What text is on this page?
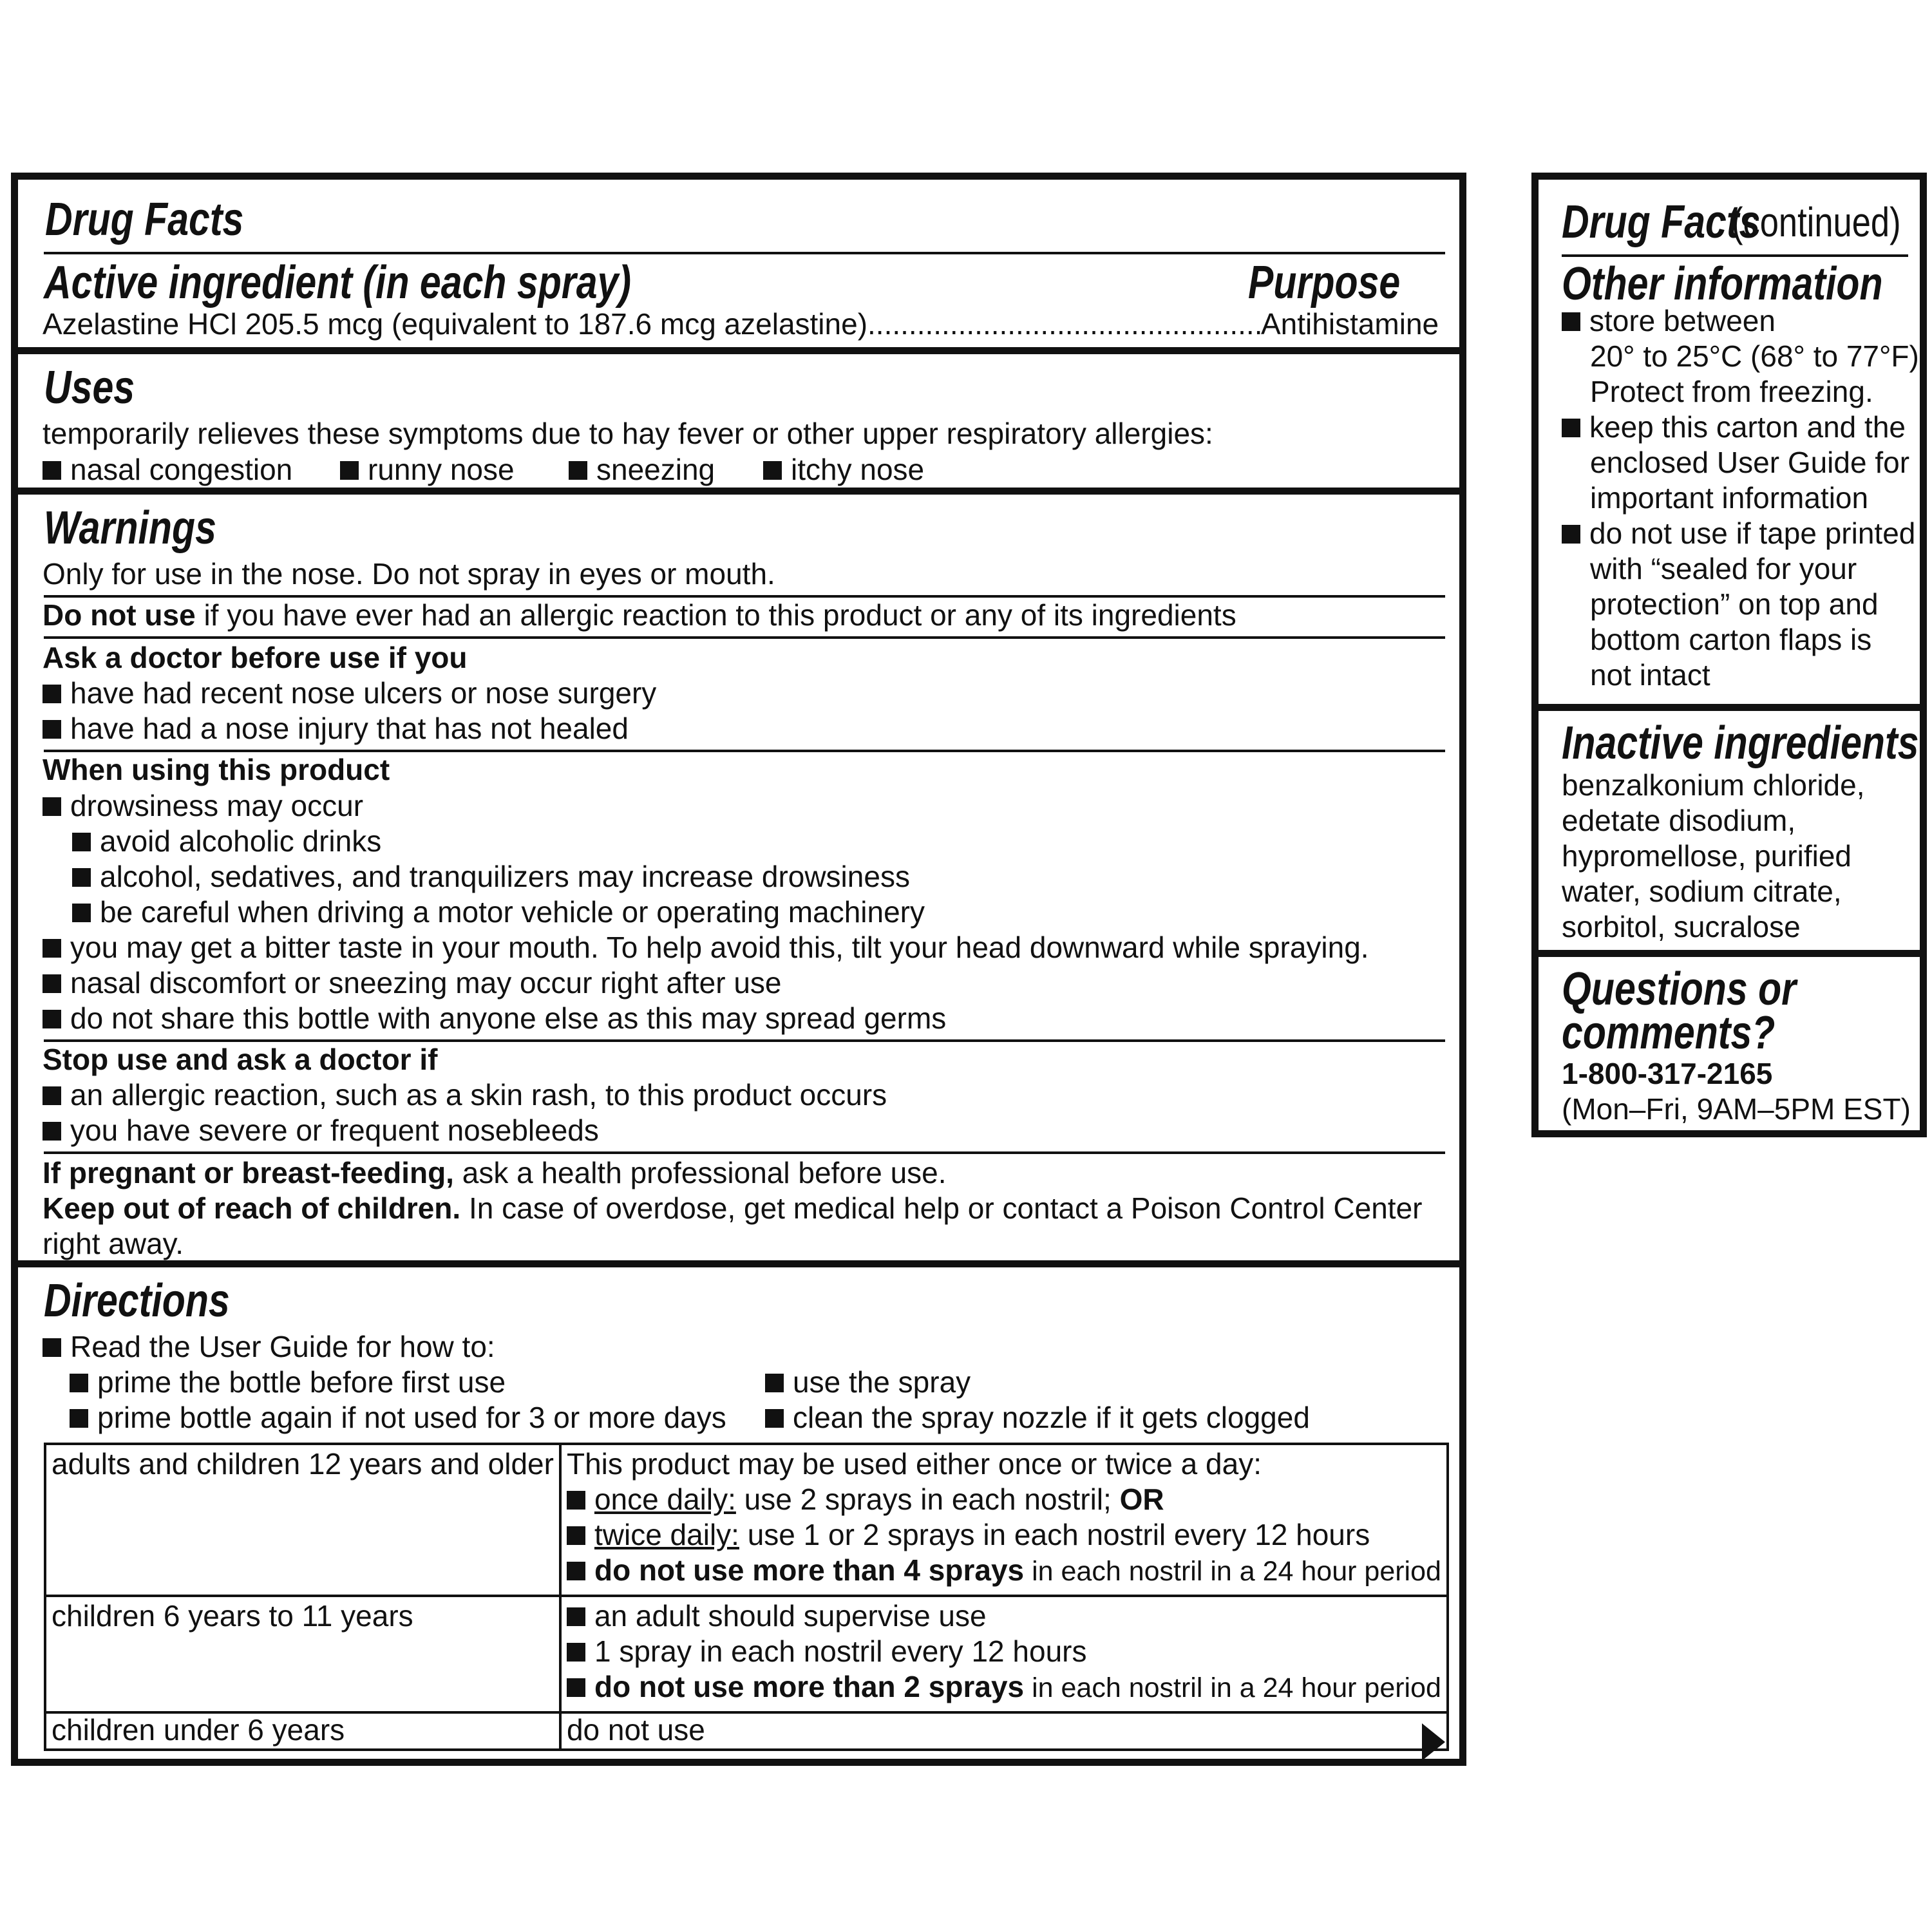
Drug Facts
Active ingredient (in each spray)	Purpose
Azelastine HCl 205.5 mcg (equivalent to 187.6 mcg azelastine)................................................
Antihistamine
Uses
temporarily relieves these symptoms due to hay fever or other upper respiratory allergies:
nasal congestion	runny nose	sneezing	itchy nose
Warnings
Only for use in the nose. Do not spray in eyes or mouth.
Do not use if you have ever had an allergic reaction to this product or any of its ingredients
Ask a doctor before use if you
have had recent nose ulcers or nose surgery
have had a nose injury that has not healed
When using this product
drowsiness may occur
avoid alcoholic drinks
alcohol, sedatives, and tranquilizers may increase drowsiness
be careful when driving a motor vehicle or operating machinery
you may get a bitter taste in your mouth. To help avoid this, tilt your head downward while spraying.
nasal discomfort or sneezing may occur right after use
do not share this bottle with anyone else as this may spread germs
Stop use and ask a doctor if
an allergic reaction, such as a skin rash, to this product occurs
you have severe or frequent nosebleeds
If pregnant or breast-feeding, ask a health professional before use.
Keep out of reach of children. In case of overdose, get medical help or contact a Poison Control Center
right away.
Directions
Read the User Guide for how to:
prime the bottle before first use	use the spray
prime bottle again if not used for 3 or more days	clean the spray nozzle if it gets clogged
adults and children 12 years and older	This product may be used either once or twice a day:
once daily: use 2 sprays in each nostril; OR
twice daily: use 1 or 2 sprays in each nostril every 12 hours
do not use more than 4 sprays in each nostril in a 24 hour period

children 6 years to 11 years	an adult should supervise use
1 spray in each nostril every 12 hours
do not use more than 2 sprays in each nostril in a 24 hour period

children under 6 years	do not use
Drug Facts
(continued)
Other information
store between
20° to 25°C (68° to 77°F).
Protect from freezing.
keep this carton and the
enclosed User Guide for
important information
do not use if tape printed
with “sealed for your
protection” on top and
bottom carton flaps is
not intact
Inactive ingredients
benzalkonium chloride,
edetate disodium,
hypromellose, purified
water, sodium citrate,
sorbitol, sucralose
Questions or
comments?
1-800-317-2165
(Mon–Fri, 9AM–5PM EST)
